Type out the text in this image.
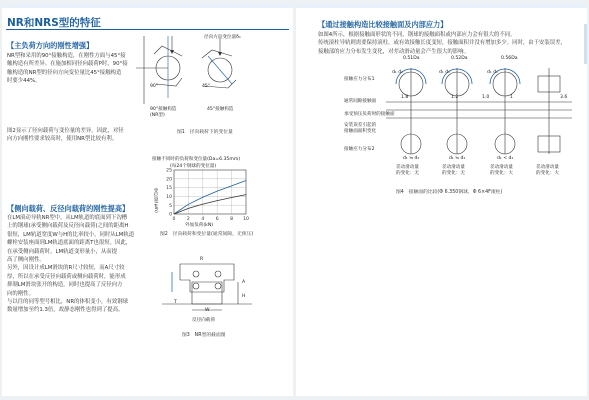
NR和NRS型的特征
【主负荷方向的刚性增强】
NR型和采用的90°接触构造，在刚性方面与45°接
触构造有所差异。在施加相同径向载荷P时，90°接
触构造的NR型的径向方向变位量比45°接触构造
时要少44%。
图2显示了径向载荷与变位量的差异。因此，对径
向方向刚性要求较高时，使用NR型比较有利。
径向方向变位量δ₁
90°	45°
90°接触构造
(NR型)
45°接触构造
图1　径向载荷下的变位量
接触不同时的负荷和变位量(Da=6.35mm)
(每24个钢球的变位量)
变位量(μm)
0
5
10
15
20
25
0 2 4 6 8 10
外加负荷(kN)
图2　径向载荷和变位量(通常间隙，无预压)
【侧向载荷、反径向载荷的刚性提高】
在LM滚动导轨NR型中，从LM轨道的底面到下沟槽
上的钢球(承受侧向载荷及反径向载荷)之间的距离H
很短，LM轨道宽度W与H的比率较小，同时从LM轨道
螺栓安装座面到LM轨道底面的距离T也很短。因此，
在承受侧向载荷时，LM轨道变形量小，从而提
高了侧向刚性。
另外，因设计成LM滑块的R尺寸较短，而A尺寸较
厚，所以在承受反径向载荷或侧向载荷时，能形成
抑制LM滑块张开的构造，同时也提高了反径向方
向的刚性。
与以往的同等型号相比，NR的体积变小，有效钢球
数量增加至约1.3倍，故静态刚性也得到了提高。
R
A
H
T
W
反径向载荷
图3　NR型的截面图
【通过接触构造比较接触面及内部应力】
如图4所示，根据接触面形状的不同，钢球的接触面积或内部应力会有很大的不同。
传统滚柱导轨则需要保持滚柱，或有效接触长度变短，接触面积并没有增加多少。同时，由于安装误差，
接触部的应力分布发生变化，对差动滑动量会产生很大的影响。
接触应力分布1
通常间隙接触面
承受预压负荷时的接触面
安装误差引起的
接触面面积变化
接触应力分布2
0.51Da	0.52Da	0.56Da
1.8	1.2	1.0	1	3.6
d₁ d₂	d₁ d₂	d₁ d₂
d₁ ≒ d₂	d₁ ≒ d₂	d₁ < d₂
差动滑动量
的变化：无
差动滑动量
的变化：无
差动滑动量
的变化：大
差动滑动量
的变化：大
图4　接触面的比较(Φ 6.350钢球，Φ 6×4F滚柱)
